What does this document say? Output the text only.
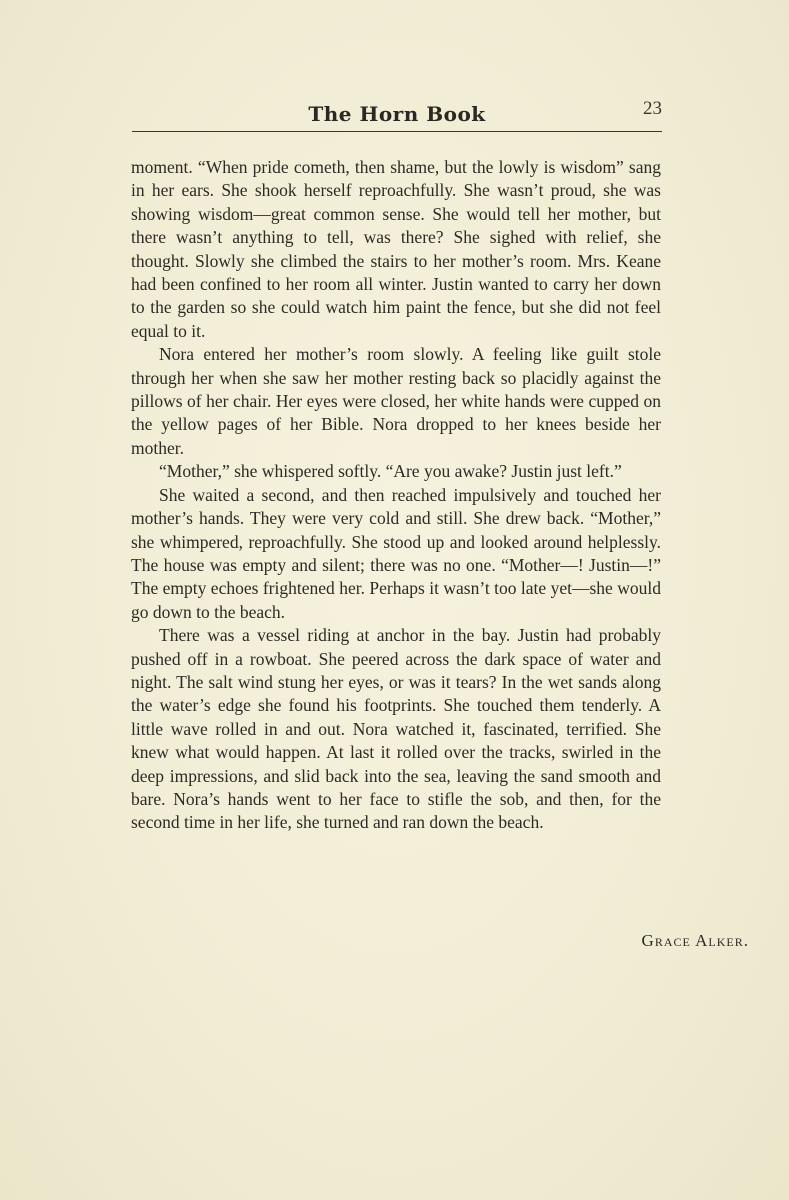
The Horn Book	23

moment. “When pride cometh, then shame, but the lowly is wisdom” sang in her ears. She shook herself reproachfully. She wasn’t proud, she was showing wisdom—great common sense. She would tell her mother, but there wasn’t anything to tell, was there? She sighed with relief, she thought. Slowly she climbed the stairs to her mother’s room. Mrs. Keane had been confined to her room all winter. Justin wanted to carry her down to the garden so she could watch him paint the fence, but she did not feel equal to it.

Nora entered her mother’s room slowly. A feeling like guilt stole through her when she saw her mother resting back so placidly against the pillows of her chair. Her eyes were closed, her white hands were cupped on the yellow pages of her Bible. Nora dropped to her knees beside her mother.

“Mother,” she whispered softly. “Are you awake? Justin just left.”

She waited a second, and then reached impulsively and touched her mother’s hands. They were very cold and still. She drew back. “Mother,” she whimpered, reproachfully. She stood up and looked around helplessly. The house was empty and silent; there was no one. “Mother—! Justin—!” The empty echoes frightened her. Perhaps it wasn’t too late yet—she would go down to the beach.

There was a vessel riding at anchor in the bay. Justin had probably pushed off in a rowboat. She peered across the dark space of water and night. The salt wind stung her eyes, or was it tears? In the wet sands along the water’s edge she found his footprints. She touched them tenderly. A little wave rolled in and out. Nora watched it, fascinated, terrified. She knew what would happen. At last it rolled over the tracks, swirled in the deep impressions, and slid back into the sea, leaving the sand smooth and bare. Nora’s hands went to her face to stifle the sob, and then, for the second time in her life, she turned and ran down the beach.

Grace Alker.
